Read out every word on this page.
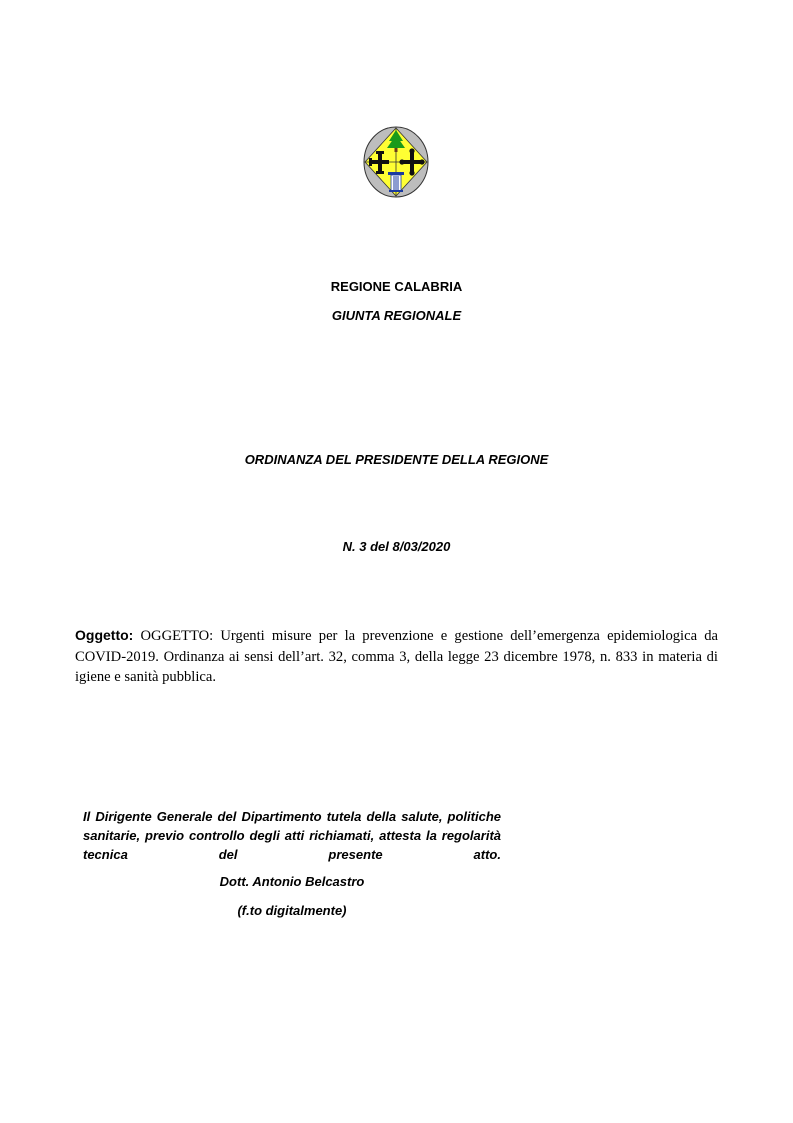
REGIONE CALABRIA
GIUNTA REGIONALE
ORDINANZA DEL PRESIDENTE DELLA REGIONE
N. 3 del 8/03/2020
Oggetto: OGGETTO: Urgenti misure per la prevenzione e gestione dell’emergenza epidemiologica da COVID-2019. Ordinanza ai sensi dell’art. 32, comma 3, della legge 23 dicembre 1978, n. 833 in materia di igiene e sanità pubblica.
Il Dirigente Generale del Dipartimento tutela della salute, politiche sanitarie, previo controllo degli atti richiamati, attesta la regolarità tecnica del presente atto.
Dott. Antonio Belcastro
(f.to digitalmente)
